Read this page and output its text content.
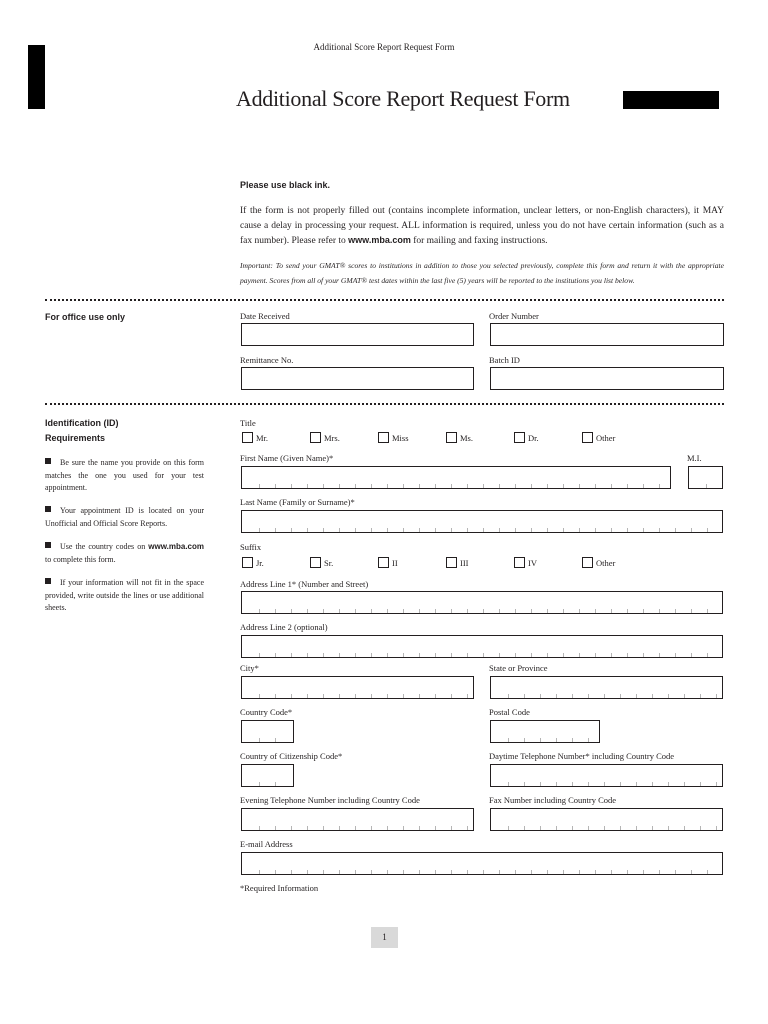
Additional Score Report Request Form
Additional Score Report Request Form
Please use black ink.
If the form is not properly filled out (contains incomplete information, unclear letters, or non-English characters), it MAY cause a delay in processing your request. ALL information is required, unless you do not have certain information (such as a fax number). Please refer to www.mba.com for mailing and faxing instructions.
Important: To send your GMAT® scores to institutions in addition to those you selected previously, complete this form and return it with the appropriate payment. Scores from all of your GMAT® test dates within the last five (5) years will be reported to the institutions you list below.
For office use only	Date Received	Order Number
Remittance No.	Batch ID
Identification (ID)
Requirements
Be sure the name you provide on this form matches the one you used for your test appointment.
Your appointment ID is located on your Unofficial and Official Score Reports.
Use the country codes on www.mba.com to complete this form.
If your information will not fit in the space provided, write outside the lines or use additional sheets.
Title
Mr.	Mrs.	Miss	Ms.	Dr.	Other
First Name (Given Name)*	M.I.
Last Name (Family or Surname)*
Suffix
Jr.	Sr.	II	III	IV	Other
Address Line 1* (Number and Street)
Address Line 2 (optional)
City*	State or Province
Country Code*	Postal Code
Country of Citizenship Code*	Daytime Telephone Number* including Country Code
Evening Telephone Number including Country Code	Fax Number including Country Code
E-mail Address
*Required Information
1
